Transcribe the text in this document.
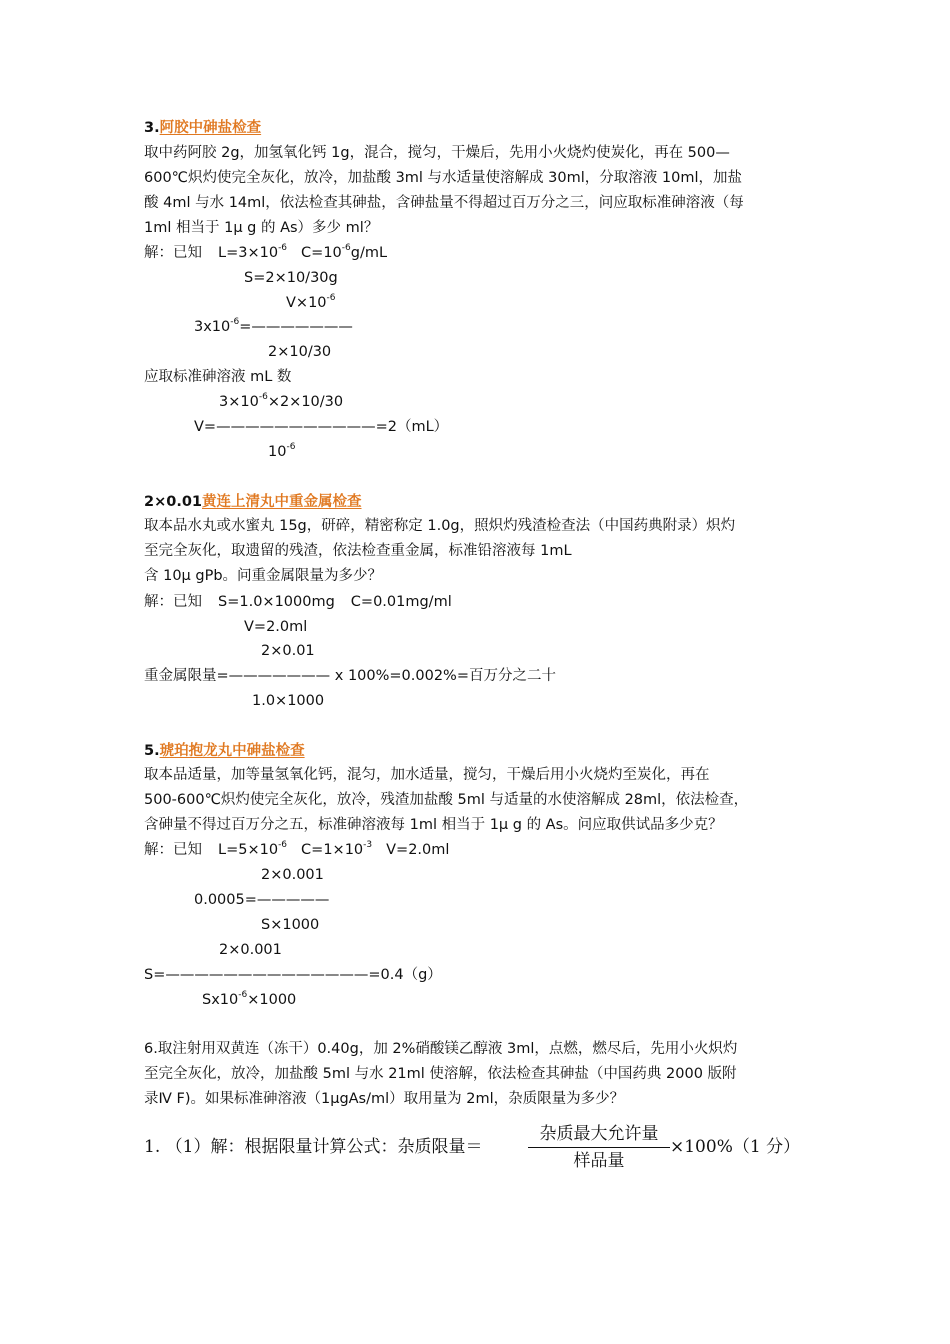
3.阿胶中砷盐检查
取中药阿胶 2g，加氢氧化钙 1g，混合，搅匀，干燥后，先用小火烧灼使炭化，再在 500—
600℃炽灼使完全灰化，放冷，加盐酸 3ml 与水适量使溶解成 30ml，分取溶液 10ml，加盐
酸 4ml 与水 14ml，依法检查其砷盐，含砷盐量不得超过百万分之三，问应取标准砷溶液（每
1ml 相当于 1μ g 的 As）多少 ml？
解：已知 $L=3\times 10^{-6}$ $C=10^{-6}g/mL$
S=2×10/30g
$V\times 10^{-6}$
$3x10^{-6}=———————$
2×10/30
应取标准砷溶液 mL 数
$3\times 10^{-6}\times 2\times 10/30$
V=———————————=2（mL）
$10^{-6}$
2×0.01黄连上清丸中重金属检查
取本品水丸或水蜜丸 15g，研碎，精密称定 1.0g，照炽灼残渣检查法（中国药典附录）炽灼
至完全灰化，取遗留的残渣，依法检查重金属，标准铅溶液每 1mL
含 10μ gPb。问重金属限量为多少？
解：已知 S=1.0×1000mg C=0.01mg/ml
V=2.0ml
2×0.01
重金属限量=——————— x 100%=0.002%=百万分之二十
1.0×1000
5.琥珀抱龙丸中砷盐检查
取本品适量，加等量氢氧化钙，混匀，加水适量，搅匀，干燥后用小火烧灼至炭化，再在
500-600℃炽灼使完全灰化，放冷，残渣加盐酸 5ml 与适量的水使溶解成 28ml，依法检查，
含砷量不得过百万分之五，标准砷溶液每 1ml 相当于 1μ g 的 As。问应取供试品多少克？
解：已知 $L=5\times 10^{-6}$ $C=1\times 10^{-3}$ V=2.0ml
2×0.001
0.0005=—————
S×1000
2×0.001
S=——————————————=0.4（g）
$Sx10^{-6}\times 1000$
6.取注射用双黄连（冻干）0.40g，加 2%硝酸镁乙醇液 3ml，点燃，燃尽后，先用小火炽灼
至完全灰化，放冷，加盐酸 5ml 与水 21ml 使溶解，依法检查其砷盐（中国药典 2000 版附
录Ⅳ F)。如果标准砷溶液（1μgAs/ml）取用量为 2ml，杂质限量为多少？
1. （1）解：根据限量计算公式：杂质限量＝
杂质最大允许量
样品量
×100%（1 分）
